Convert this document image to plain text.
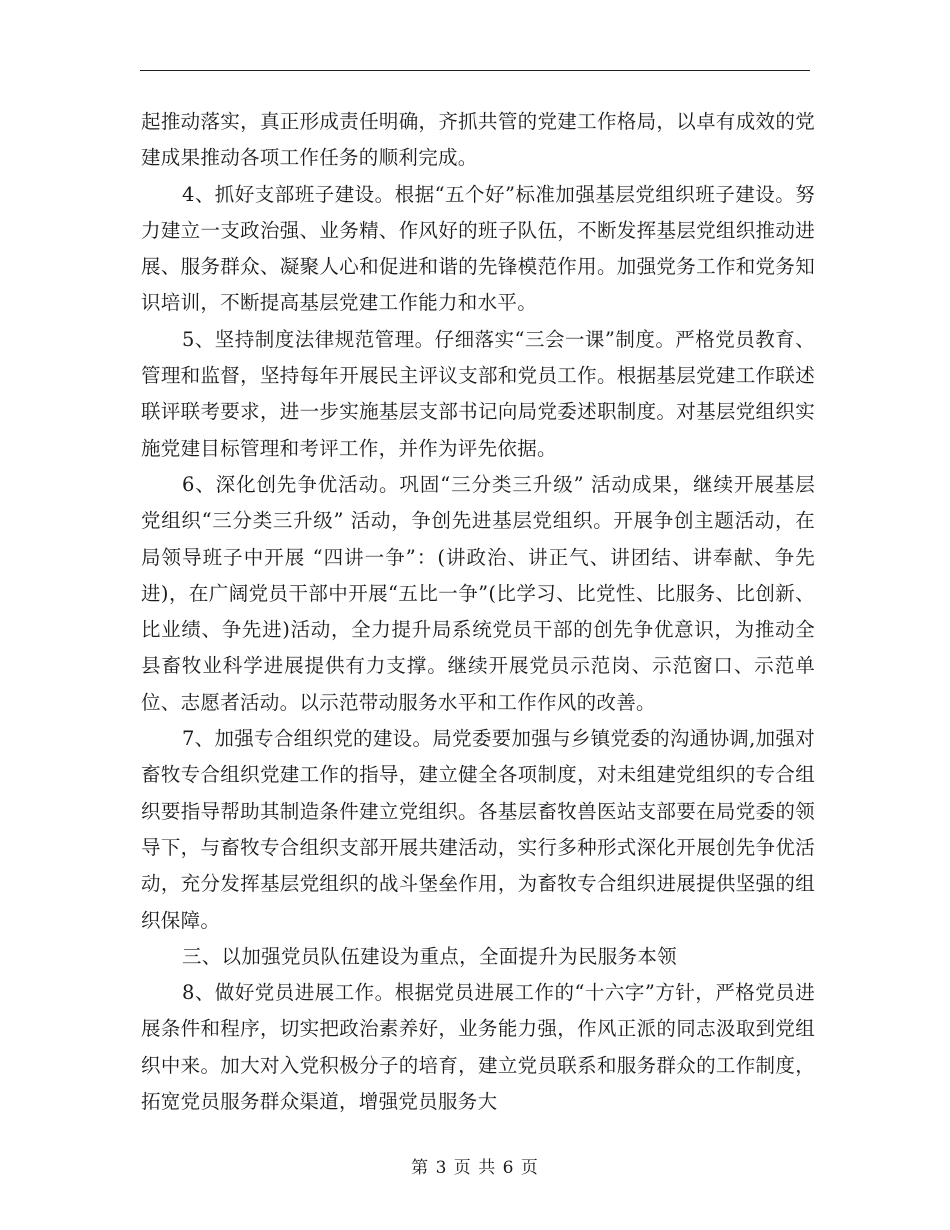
起推动落实，真正形成责任明确，齐抓共管的党建工作格局，以卓有成效的党建成果推动各项工作任务的顺利完成。

4、抓好支部班子建设。根据“五个好”标准加强基层党组织班子建设。努力建立一支政治强、业务精、作风好的班子队伍，不断发挥基层党组织推动进展、服务群众、凝聚人心和促进和谐的先锋模范作用。加强党务工作和党务知识培训，不断提高基层党建工作能力和水平。

5、坚持制度法律规范管理。仔细落实“三会一课”制度。严格党员教育、管理和监督，坚持每年开展民主评议支部和党员工作。根据基层党建工作联述联评联考要求，进一步实施基层支部书记向局党委述职制度。对基层党组织实施党建目标管理和考评工作，并作为评先依据。

6、深化创先争优活动。巩固“三分类三升级” 活动成果，继续开展基层党组织“三分类三升级” 活动，争创先进基层党组织。开展争创主题活动，在局领导班子中开展 “四讲一争”：(讲政治、讲正气、讲团结、讲奉献、争先进)，在广阔党员干部中开展“五比一争”(比学习、比党性、比服务、比创新、比业绩、争先进)活动，全力提升局系统党员干部的创先争优意识，为推动全县畜牧业科学进展提供有力支撑。继续开展党员示范岗、示范窗口、示范单位、志愿者活动。以示范带动服务水平和工作作风的改善。

7、加强专合组织党的建设。局党委要加强与乡镇党委的沟通协调,加强对畜牧专合组织党建工作的指导，建立健全各项制度，对未组建党组织的专合组织要指导帮助其制造条件建立党组织。各基层畜牧兽医站支部要在局党委的领导下，与畜牧专合组织支部开展共建活动，实行多种形式深化开展创先争优活动，充分发挥基层党组织的战斗堡垒作用，为畜牧专合组织进展提供坚强的组织保障。

三、以加强党员队伍建设为重点，全面提升为民服务本领

8、做好党员进展工作。根据党员进展工作的“十六字”方针，严格党员进展条件和程序，切实把政治素养好，业务能力强，作风正派的同志汲取到党组织中来。加大对入党积极分子的培育，建立党员联系和服务群众的工作制度，拓宽党员服务群众渠道，增强党员服务大

第 3 页 共 6 页
